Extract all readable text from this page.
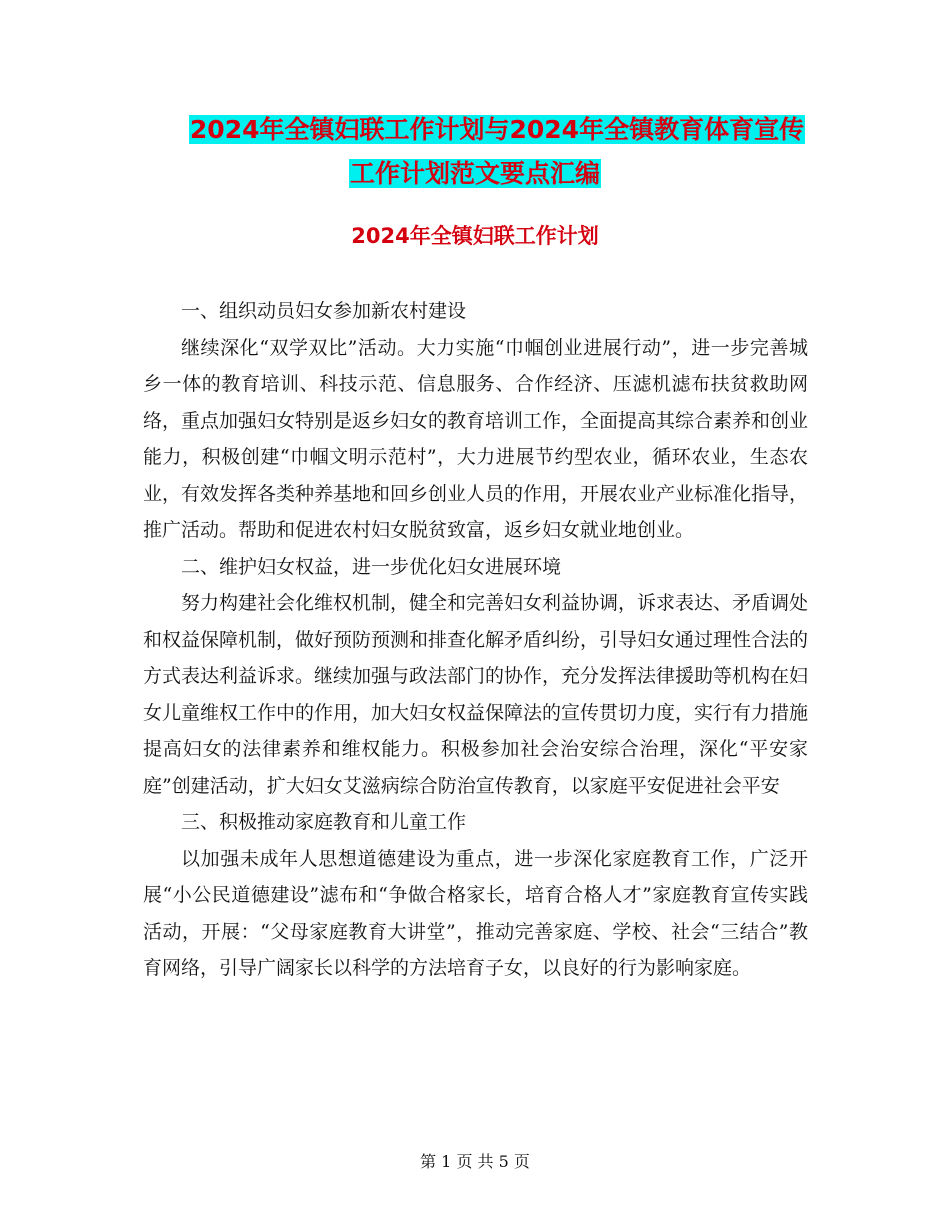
2024年全镇妇联工作计划与2024年全镇教育体育宣传
工作计划范文要点汇编
2024年全镇妇联工作计划

一、组织动员妇女参加新农村建设

继续深化“双学双比”活动。大力实施“巾帼创业进展行动”，进一步完善城乡一体的教育培训、科技示范、信息服务、合作经济、压滤机滤布扶贫救助网络，重点加强妇女特别是返乡妇女的教育培训工作，全面提高其综合素养和创业能力，积极创建“巾帼文明示范村”，大力进展节约型农业，循环农业，生态农业，有效发挥各类种养基地和回乡创业人员的作用，开展农业产业标准化指导，推广活动。帮助和促进农村妇女脱贫致富，返乡妇女就业地创业。

二、维护妇女权益，进一步优化妇女进展环境

努力构建社会化维权机制，健全和完善妇女利益协调，诉求表达、矛盾调处和权益保障机制，做好预防预测和排查化解矛盾纠纷，引导妇女通过理性合法的方式表达利益诉求。继续加强与政法部门的协作，充分发挥法律援助等机构在妇女儿童维权工作中的作用，加大妇女权益保障法的宣传贯切力度，实行有力措施提高妇女的法律素养和维权能力。积极参加社会治安综合治理，深化“平安家庭”创建活动，扩大妇女艾滋病综合防治宣传教育，以家庭平安促进社会平安

三、积极推动家庭教育和儿童工作

以加强未成年人思想道德建设为重点，进一步深化家庭教育工作，广泛开展“小公民道德建设”滤布和“争做合格家长，培育合格人才”家庭教育宣传实践活动，开展：“父母家庭教育大讲堂”，推动完善家庭、学校、社会“三结合”教育网络，引导广阔家长以科学的方法培育子女，以良好的行为影响家庭。

第 1 页 共 5 页
